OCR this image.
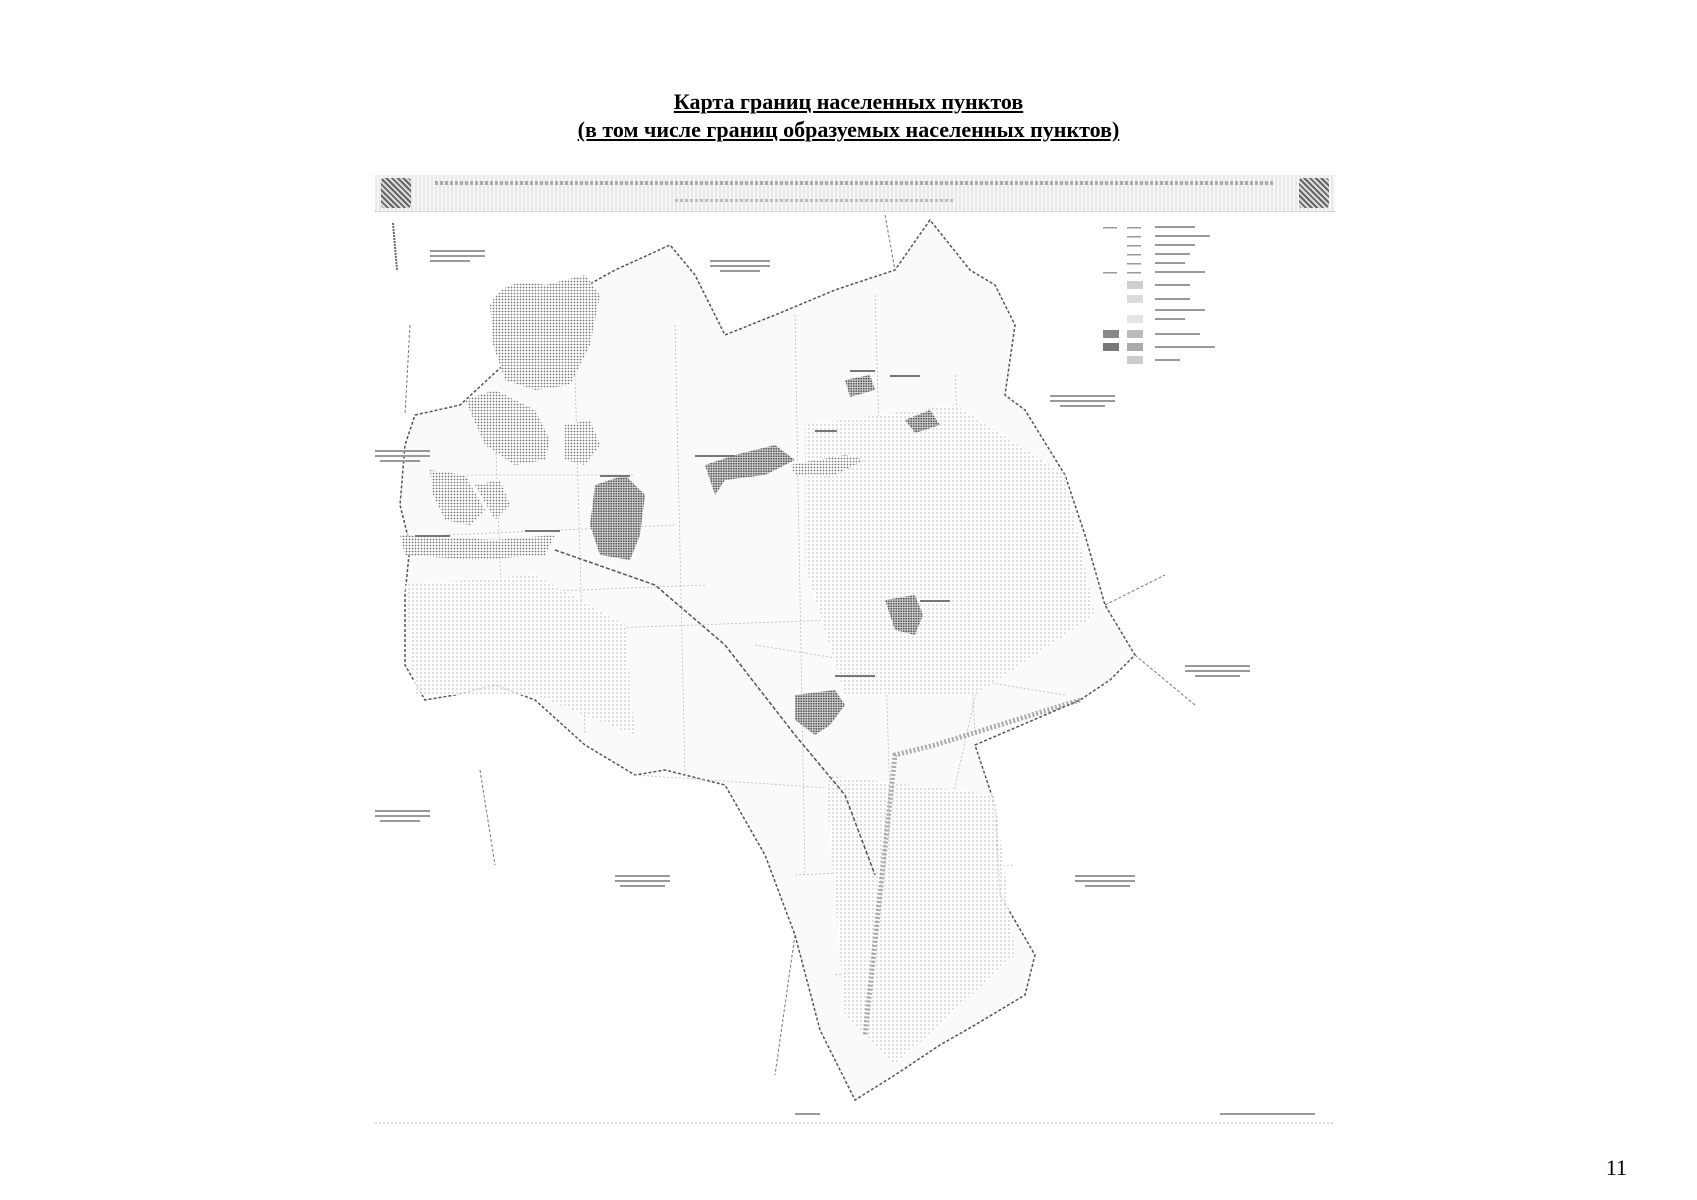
Карта границ населенных пунктов
(в том числе границ образуемых населенных пунктов)
11
